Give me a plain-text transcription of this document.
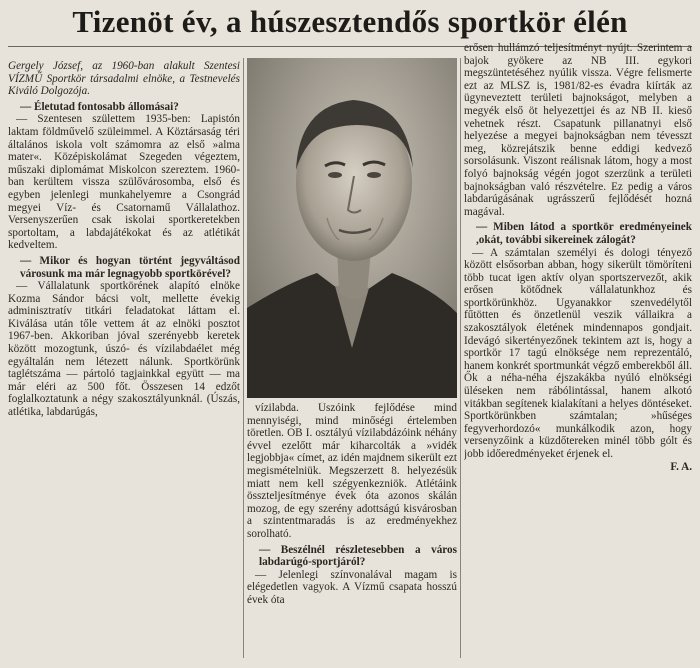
Tizenöt év, a húszesztendős sportkör élén

Gergely József, az 1960-ban alakult Szentesi VÍZMŰ Sportkör társadalmi elnöke, a Testnevelés Kiváló Dolgozója.

— Életutad fontosabb állomásai?

— Szentesen születtem 1935-ben: Lapistón laktam földművelő szüleimmel. A Köztársaság téri általános iskola volt számomra az első »alma mater«. Középiskolámat Szegeden végeztem, műszaki diplomámat Miskolcon szereztem. 1960-ban kerültem vissza szülővárosomba, első és egyben jelenlegi munkahelyemre a Csongrád megyei Víz- és Csatornamű Vállalathoz. Versenyszerűen csak iskolai sportkeretekben sportoltam, a labdajátékokat és az atlétikát kedveltem.

— Mikor és hogyan történt jegyváltásod városunk ma már legnagyobb sportkörével?

— Vállalatunk sportkörének alapító elnöke Kozma Sándor bácsi volt, mellette évekig adminisztratív titkári feladatokat láttam el. Kiválása után tőle vettem át az elnöki posztot 1967-ben. Akkoriban jóval szerényebb keretek között mozogtunk, úszó- és vízilabdaélet még egyáltalán nem létezett nálunk. Sportkörünk taglétszáma — pártoló tagjainkkal együtt — ma már eléri az 500 főt. Összesen 14 edzőt foglalkoztatunk a négy szakosztályunknál. (Úszás, atlétika, labdarúgás,	vízilabda. Úszóink fejlődése mind mennyiségi, mind minőségi értelemben töretlen. OB I. osztályú vízilabdázóink néhány évvel ezelőtt már kiharcolták a »vidék legjobbja« címet, az idén majdnem sikerült ezt megismételniük. Megszerzett 8. helyezésük miatt nem kell szégyenkezniök. Atlétáink összteljesítménye évek óta azonos skálán mozog, de egy szerény adottságú kisvárosban a szintentmaradás is az eredményekhez sorolható.

— Beszélnél részletesebben a város labdarúgó-sportjáról?

— Jelenlegi színvonalával magam is elégedetlen vagyok. A Vízmű csapata hosszú évek óta

erősen hullámzó teljesítményt nyújt. Szerintem a bajok gyökere az NB III. egykori megszüntetéséhez nyúlik vissza. Végre felismerte ezt az MLSZ is, 1981/82-es évadra kiírták az ügyneveztett területi bajnokságot, melyben a megyék első öt helyezettjei és az NB II. kieső vehetnek részt. Csapatunk pillanatnyi első helyezése a megyei bajnokságban nem tévesszt meg, közrejátszik benne eddigi kedvező sorsolásunk. Viszont reálisnak látom, hogy a most folyó bajnokság végén jogot szerzünk a területi bajnokságban való részvételre. Ez pedig a város labdarúgásának ugrásszerű fejlődését hozná magával.

— Miben látod a sportkör eredményeinek ,okát, további sikereinek zálogát?

— A számtalan személyi és dologi tényező között elsősorban abban, hogy sikerült tömöríteni több tucat igen aktív olyan sportszervezőt, akik erősen kötődnek vállalatunkhoz és sportkörünkhöz. Ugyanakkor szenvedélytől fűtötten és önzetlenül veszik vállaikra a szakosztályok életének mindennapos gondjait. Idevágó sikertényezőnek tekintem azt is, hogy a sportkör 17 tagú elnöksége nem reprezentáló, hanem konkrét sportmunkát végző emberekből áll. Ők a néha-néha éjszakákba nyúló elnökségi üléseken nem rábólintással, hanem alkotó vitákban segítenek kialakítani a helyes döntéseket. Sportkörünkben számtalan; »hűséges fegyverhordozó« munkálkodik azon, hogy versenyzőink a küzdőtereken minél több gólt és jobb időeredményeket érjenek el.

F. A.
